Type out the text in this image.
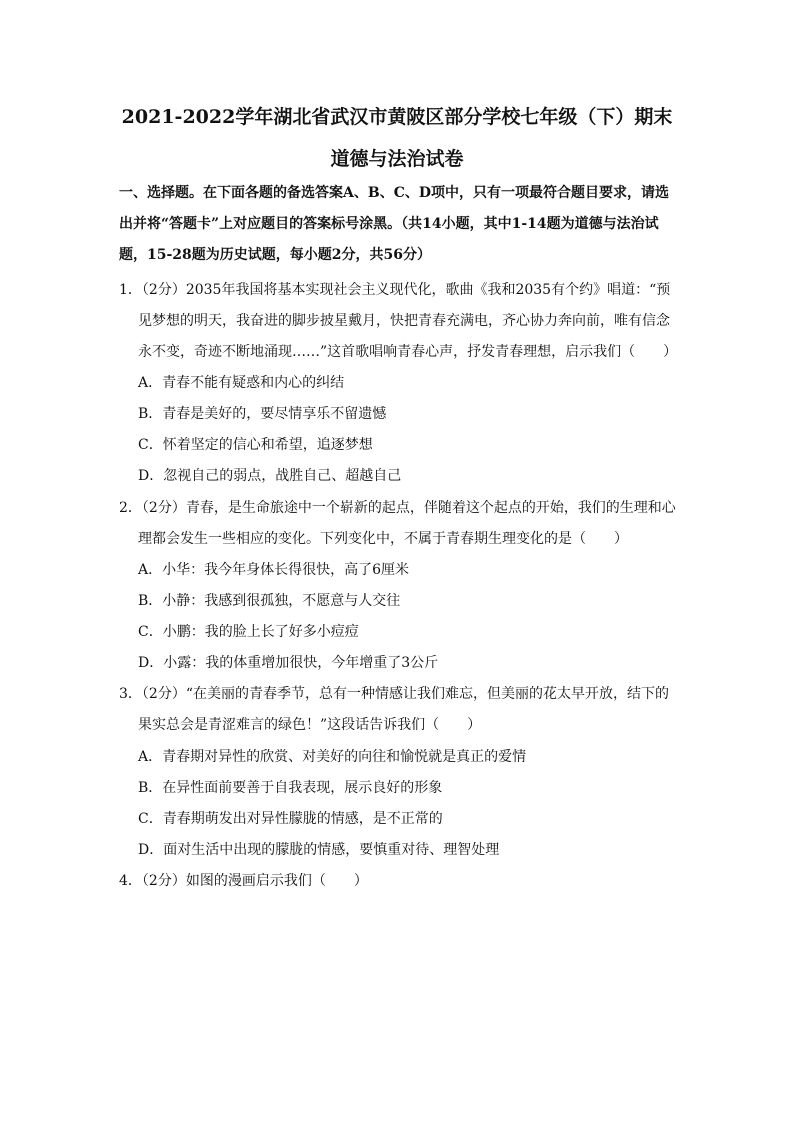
2021-2022学年湖北省武汉市黄陂区部分学校七年级（下）期末
道德与法治试卷
一、选择题。在下面各题的备选答案A、B、C、D项中，只有一项最符合题目要求，请选
出并将“答题卡”上对应题目的答案标号涂黑。（共14小题，其中1-14题为道德与法治试
题，15-28题为历史试题，每小题2分，共56分）
1．（2分）2035年我国将基本实现社会主义现代化，歌曲《我和2035有个约》唱道：“预
见梦想的明天，我奋进的脚步披星戴月，快把青春充满电，齐心协力奔向前，唯有信念
永不变，奇迹不断地涌现……”这首歌唱响青春心声，抒发青春理想，启示我们（　　）
A．青春不能有疑惑和内心的纠结
B．青春是美好的，要尽情享乐不留遗憾
C．怀着坚定的信心和希望，追逐梦想
D．忽视自己的弱点，战胜自己、超越自己
2．（2分）青春，是生命旅途中一个崭新的起点，伴随着这个起点的开始，我们的生理和心
理都会发生一些相应的变化。下列变化中，不属于青春期生理变化的是（　　）
A．小华：我今年身体长得很快，高了6厘米
B．小静：我感到很孤独，不愿意与人交往
C．小鹏：我的脸上长了好多小痘痘
D．小露：我的体重增加很快，今年增重了3公斤
3．（2分）“在美丽的青春季节，总有一种情感让我们难忘，但美丽的花太早开放，结下的
果实总会是青涩难言的绿色！”这段话告诉我们（　　）
A．青春期对异性的欣赏、对美好的向往和愉悦就是真正的爱情
B．在异性面前要善于自我表现，展示良好的形象
C．青春期萌发出对异性朦胧的情感，是不正常的
D．面对生活中出现的朦胧的情感，要慎重对待、理智处理
4．（2分）如图的漫画启示我们（　　）
